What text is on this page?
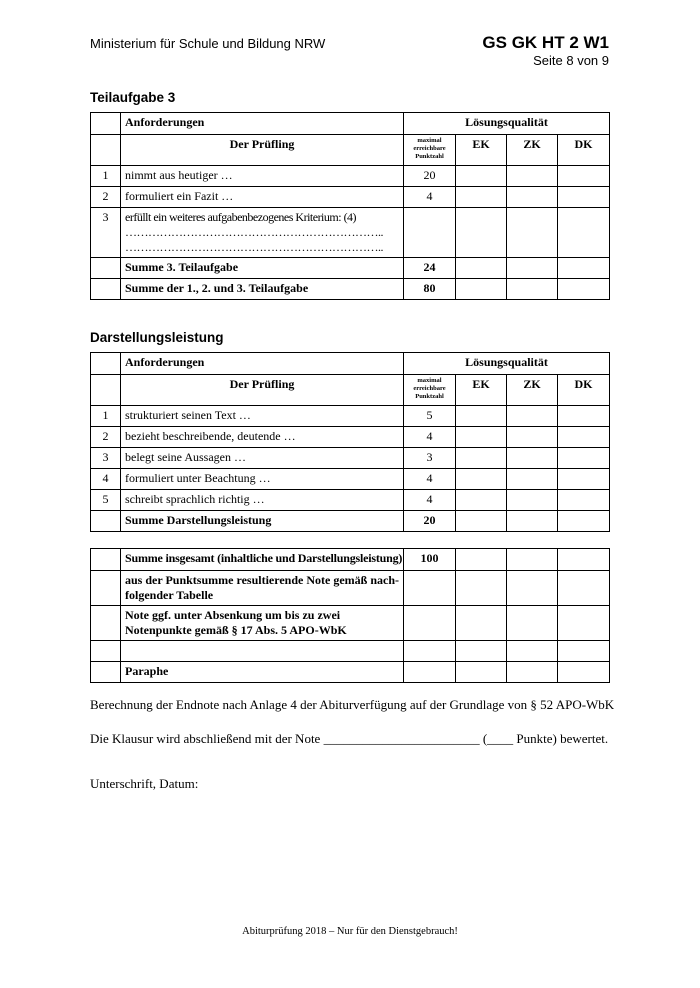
Ministerium für Schule und Bildung NRW	GS GK HT 2 W1
Seite 8 von 9
Teilaufgabe 3
	Anforderungen	Lösungsqualität			
	Der Prüfling	maximal
erreichbare
Punktzahl	EK	ZK	DK
1	nimmt aus heutiger …	20			
2	formuliert ein Fazit …	4			
3	erfüllt ein weiteres aufgabenbezogenes Kriterium: (4)
…………………………………………………………..
…………………………………………………………..				

	Summe 3. Teilaufgabe	24			
	Summe der 1., 2. und 3. Teilaufgabe	80			
Darstellungsleistung
	Anforderungen	Lösungsqualität			
	Der Prüfling	maximal
erreichbare
Punktzahl	EK	ZK	DK
1	strukturiert seinen Text …	5			
2	bezieht beschreibende, deutende …	4			
3	belegt seine Aussagen …	3			
4	formuliert unter Beachtung …	4			
5	schreibt sprachlich richtig …	4			
	Summe Darstellungsleistung	20			
	Summe insgesamt (inhaltliche und Darstellungsleistung)	100			
	aus der Punktsumme resultierende Note gemäß nach-folgender Tabelle				
	Note ggf. unter Absenkung um bis zu zwei Notenpunkte gemäß § 17 Abs. 5 APO-WbK				

	Paraphe				
Berechnung der Endnote nach Anlage 4 der Abiturverfügung auf der Grundlage von § 52 APO-WbK
Die Klausur wird abschließend mit der Note ________________________ (____ Punkte) bewertet.
Unterschrift, Datum:
Abiturprüfung 2018 – Nur für den Dienstgebrauch!
